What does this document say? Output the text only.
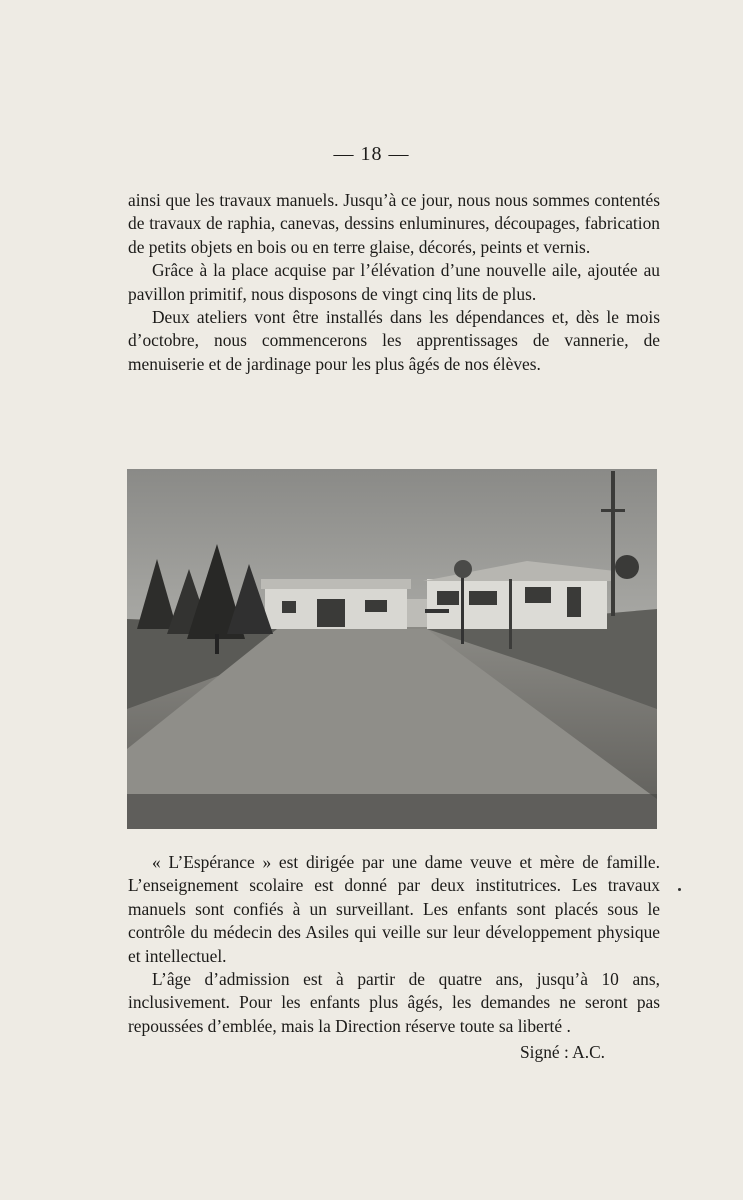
— 18 —

ainsi que les travaux manuels. Jusqu’à ce jour, nous nous sommes contentés de travaux de raphia, canevas, dessins enluminures, découpages, fabrication de petits objets en bois ou en terre glaise, décorés, peints et vernis.

Grâce à la place acquise par l’élévation d’une nouvelle aile, ajoutée au pavillon primitif, nous disposons de vingt cinq lits de plus.

Deux ateliers vont être installés dans les dépendances et, dès le mois d’octobre, nous commencerons les apprentissages de vannerie, de menuiserie et de jardinage pour les plus âgés de nos élèves.

« L’Espérance » est dirigée par une dame veuve et mère de famille. L’enseignement scolaire est donné par deux institutrices. Les travaux manuels sont confiés à un surveillant. Les enfants sont placés sous le contrôle du médecin des Asiles qui veille sur leur développement physique et intellectuel.

L’âge d’admission est à partir de quatre ans, jusqu’à 10 ans, inclusivement. Pour les enfants plus âgés, les demandes ne seront pas repoussées d’emblée, mais la Direction réserve toute sa liberté .

Signé : A.C.
